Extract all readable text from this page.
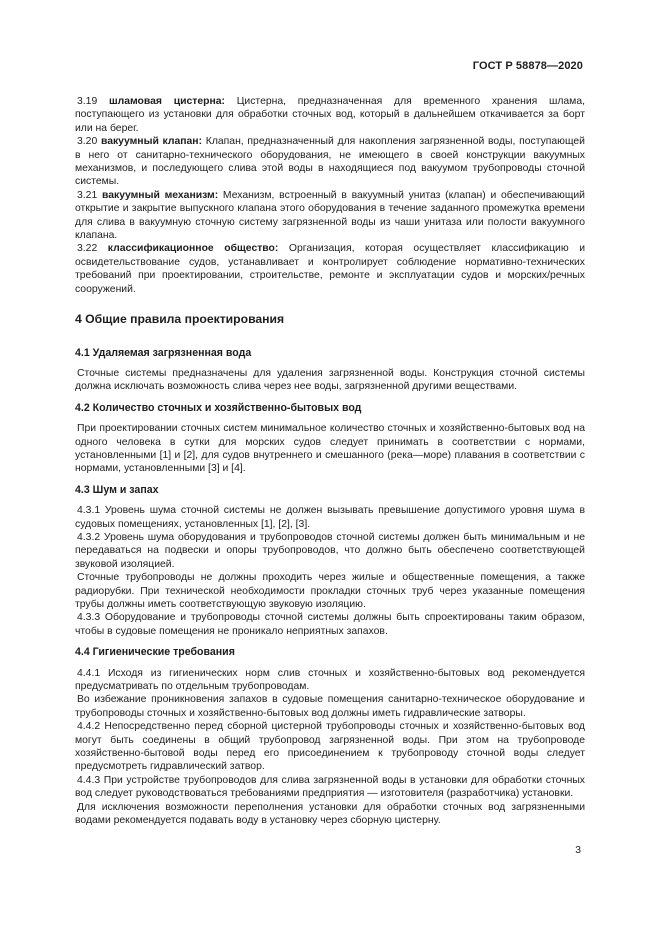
ГОСТ Р 58878—2020

3.19 шламовая цистерна: Цистерна, предназначенная для временного хранения шлама, поступающего из установки для обработки сточных вод, который в дальнейшем откачивается за борт или на берег.

3.20 вакуумный клапан: Клапан, предназначенный для накопления загрязненной воды, поступающей в него от санитарно-технического оборудования, не имеющего в своей конструкции вакуумных механизмов, и последующего слива этой воды в находящиеся под вакуумом трубопроводы сточной системы.

3.21 вакуумный механизм: Механизм, встроенный в вакуумный унитаз (клапан) и обеспечивающий открытие и закрытие выпускного клапана этого оборудования в течение заданного промежутка времени для слива в вакуумную сточную систему загрязненной воды из чаши унитаза или полости вакуумного клапана.

3.22 классификационное общество: Организация, которая осуществляет классификацию и освидетельствование судов, устанавливает и контролирует соблюдение нормативно-технических требований при проектировании, строительстве, ремонте и эксплуатации судов и морских/речных сооружений.

4 Общие правила проектирования
4.1 Удаляемая загрязненная вода

Сточные системы предназначены для удаления загрязненной воды. Конструкция сточной системы должна исключать возможность слива через нее воды, загрязненной другими веществами.

4.2 Количество сточных и хозяйственно-бытовых вод

При проектировании сточных систем минимальное количество сточных и хозяйственно-бытовых вод на одного человека в сутки для морских судов следует принимать в соответствии с нормами, установленными [1] и [2], для судов внутреннего и смешанного (река—море) плавания в соответствии с нормами, установленными [3] и [4].

4.3 Шум и запах

4.3.1 Уровень шума сточной системы не должен вызывать превышение допустимого уровня шума в судовых помещениях, установленных [1], [2], [3].

4.3.2 Уровень шума оборудования и трубопроводов сточной системы должен быть минимальным и не передаваться на подвески и опоры трубопроводов, что должно быть обеспечено соответствующей звуковой изоляцией.

Сточные трубопроводы не должны проходить через жилые и общественные помещения, а также радиорубки. При технической необходимости прокладки сточных труб через указанные помещения трубы должны иметь соответствующую звуковую изоляцию.

4.3.3 Оборудование и трубопроводы сточной системы должны быть спроектированы таким образом, чтобы в судовые помещения не проникало неприятных запахов.

4.4 Гигиенические требования

4.4.1 Исходя из гигиенических норм слив сточных и хозяйственно-бытовых вод рекомендуется предусматривать по отдельным трубопроводам.

Во избежание проникновения запахов в судовые помещения санитарно-техническое оборудование и трубопроводы сточных и хозяйственно-бытовых вод должны иметь гидравлические затворы.

4.4.2 Непосредственно перед сборной цистерной трубопроводы сточных и хозяйственно-бытовых вод могут быть соединены в общий трубопровод загрязненной воды. При этом на трубопроводе хозяйственно-бытовой воды перед его присоединением к трубопроводу сточной воды следует предусмотреть гидравлический затвор.

4.4.3 При устройстве трубопроводов для слива загрязненной воды в установки для обработки сточных вод следует руководствоваться требованиями предприятия — изготовителя (разработчика) установки.

Для исключения возможности переполнения установки для обработки сточных вод загрязненными водами рекомендуется подавать воду в установку через сборную цистерну.

3
